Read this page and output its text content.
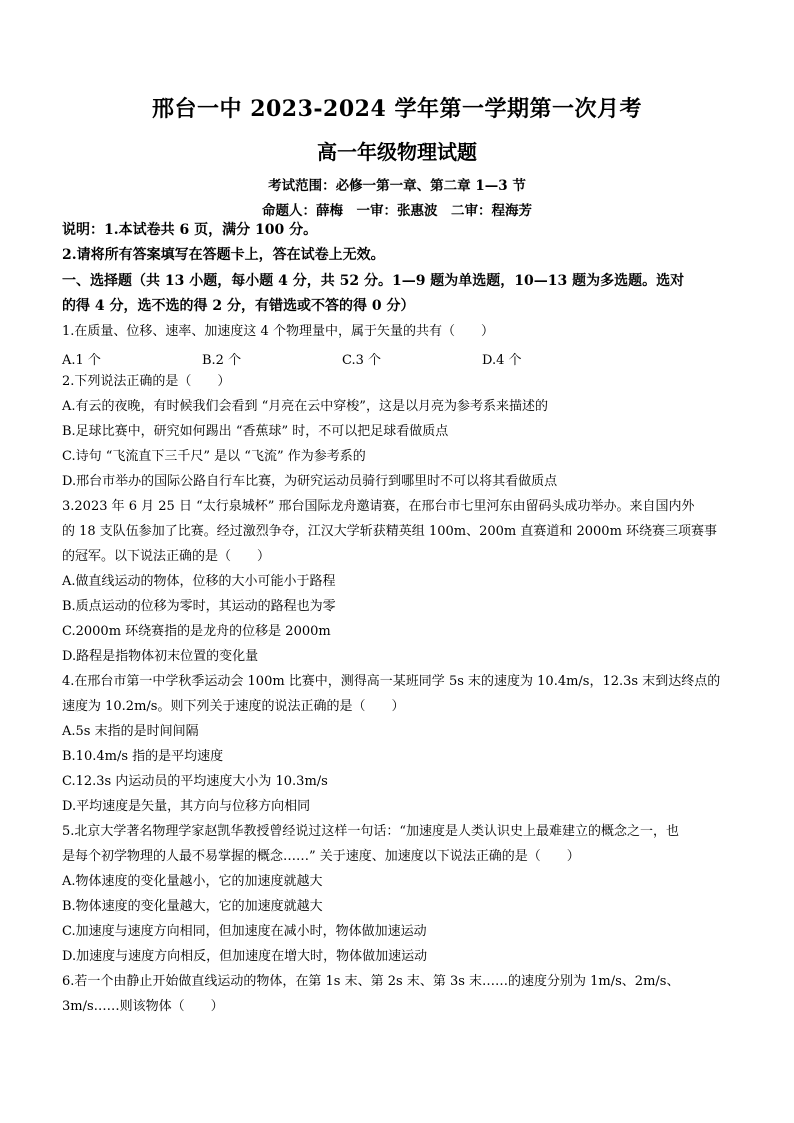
邢台一中 2023-2024 学年第一学期第一次月考
高一年级物理试题
考试范围：必修一第一章、第二章 1—3 节
命题人：薛梅　一审：张惠波　二审：程海芳
说明：1.本试卷共 6 页，满分 100 分。
2.请将所有答案填写在答题卡上，答在试卷上无效。
一、选择题（共 13 小题，每小题 4 分，共 52 分。1—9 题为单选题，10—13 题为多选题。选对
的得 4 分，选不选的得 2 分，有错选或不答的得 0 分）
1.在质量、位移、速率、加速度这 4 个物理量中，属于矢量的共有（　　）
A.1 个	B.2 个	C.3 个	D.4 个
2.下列说法正确的是（　　）
A.有云的夜晚，有时候我们会看到 “月亮在云中穿梭”，这是以月亮为参考系来描述的
B.足球比赛中，研究如何踢出 “香蕉球” 时，不可以把足球看做质点
C.诗句 “飞流直下三千尺” 是以 “飞流” 作为参考系的
D.邢台市举办的国际公路自行车比赛，为研究运动员骑行到哪里时不可以将其看做质点
3.2023 年 6 月 25 日 “太行泉城杯” 邢台国际龙舟邀请赛，在邢台市七里河东由留码头成功举办。来自国内外
的 18 支队伍参加了比赛。经过激烈争夺，江汉大学斩获精英组 100m、200m 直赛道和 2000m 环绕赛三项赛事
的冠军。以下说法正确的是（　　）
A.做直线运动的物体，位移的大小可能小于路程
B.质点运动的位移为零时，其运动的路程也为零
C.2000m 环绕赛指的是龙舟的位移是 2000m
D.路程是指物体初末位置的变化量
4.在邢台市第一中学秋季运动会 100m 比赛中，测得高一某班同学 5s 末的速度为 10.4m/s，12.3s 末到达终点的
速度为 10.2m/s。则下列关于速度的说法正确的是（　　）
A.5s 末指的是时间间隔
B.10.4m/s 指的是平均速度
C.12.3s 内运动员的平均速度大小为 10.3m/s
D.平均速度是矢量，其方向与位移方向相同
5.北京大学著名物理学家赵凯华教授曾经说过这样一句话：“加速度是人类认识史上最难建立的概念之一，也
是每个初学物理的人最不易掌握的概念……” 关于速度、加速度以下说法正确的是（　　）
A.物体速度的变化量越小，它的加速度就越大
B.物体速度的变化量越大，它的加速度就越大
C.加速度与速度方向相同，但加速度在减小时，物体做加速运动
D.加速度与速度方向相反，但加速度在增大时，物体做加速运动
6.若一个由静止开始做直线运动的物体，在第 1s 末、第 2s 末、第 3s 末……的速度分别为 1m/s、2m/s、
3m/s……则该物体（　　）
